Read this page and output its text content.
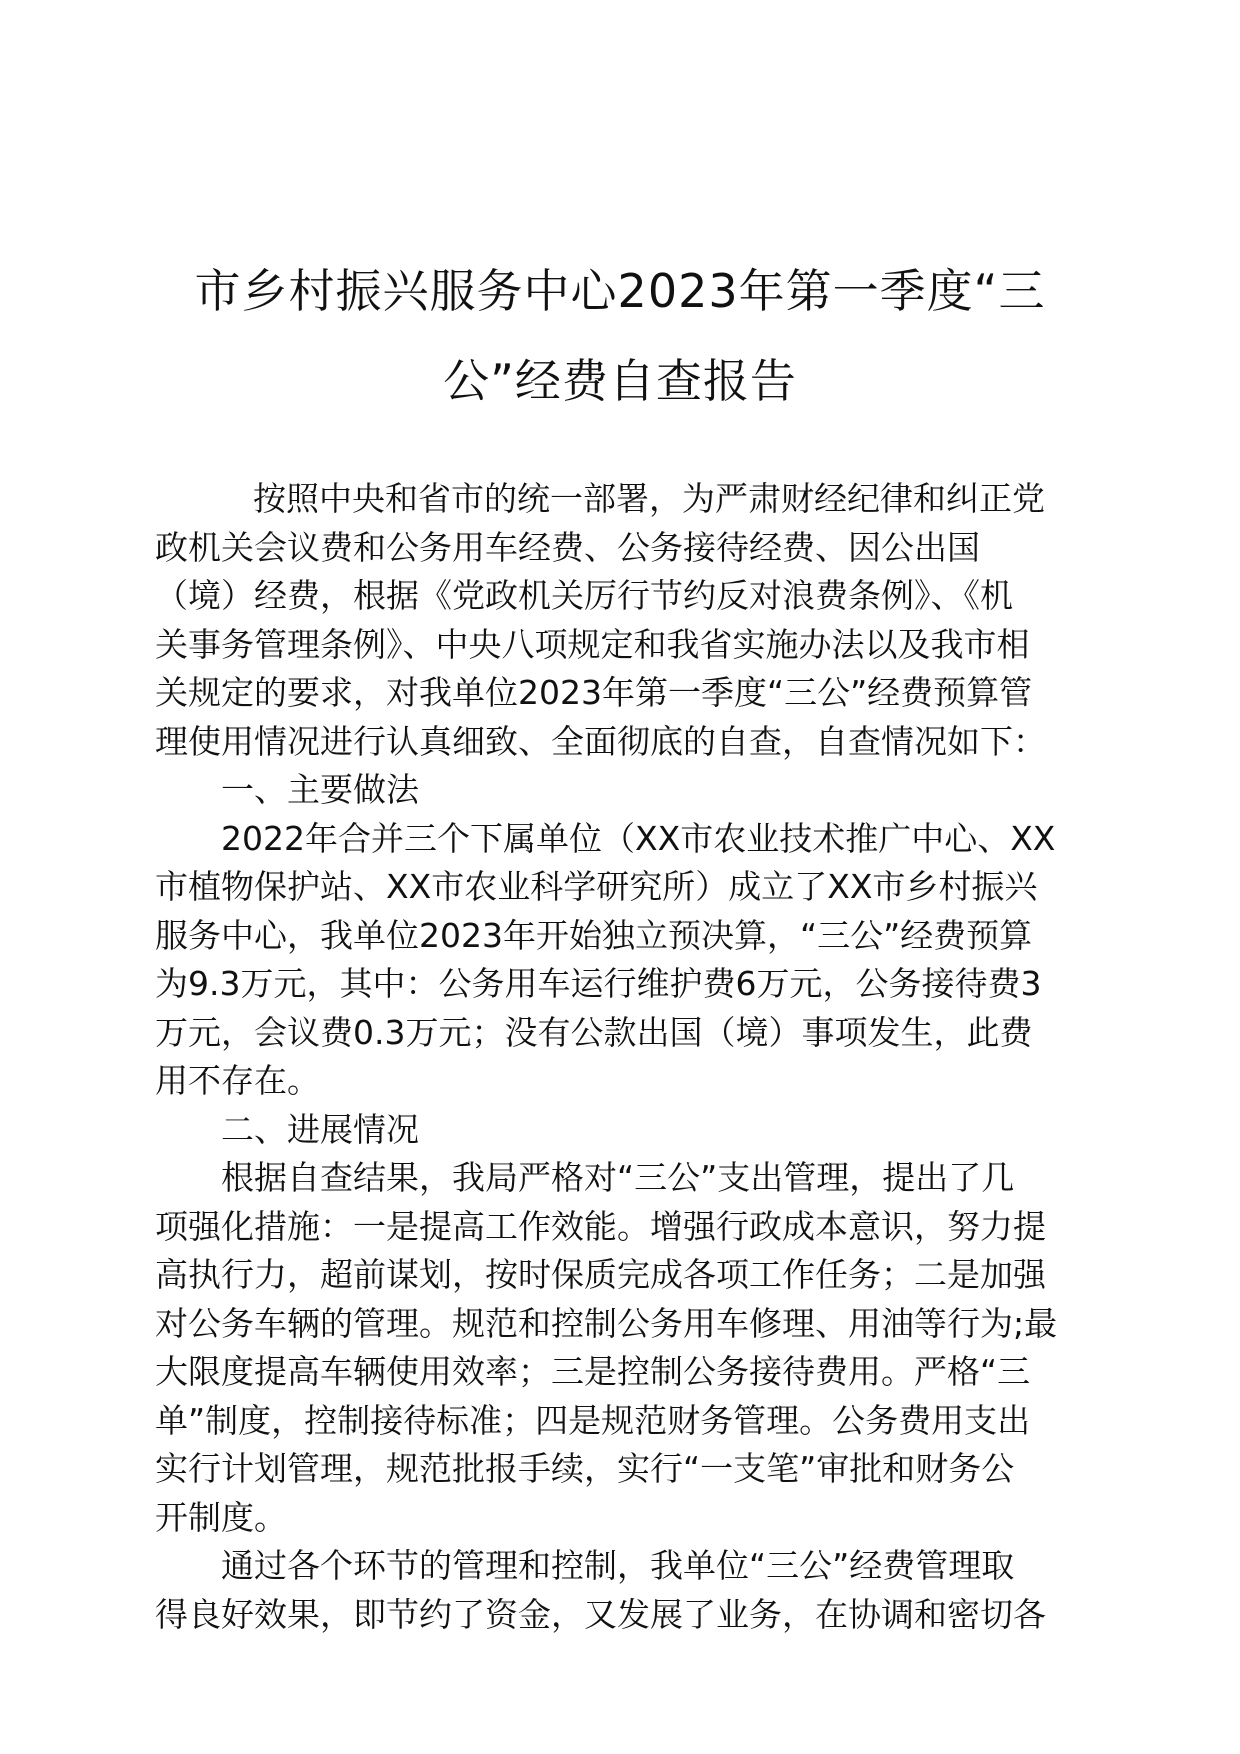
市乡村振兴服务中心2023年第一季度“三
公”经费自查报告
按照中央和省市的统一部署，为严肃财经纪律和纠正党
政机关会议费和公务用车经费、公务接待经费、因公出国
（境）经费，根据《党政机关厉行节约反对浪费条例》、《机
关事务管理条例》、中央八项规定和我省实施办法以及我市相
关规定的要求，对我单位2023年第一季度“三公”经费预算管
理使用情况进行认真细致、全面彻底的自查，自查情况如下：
一、主要做法
2022年合并三个下属单位（XX市农业技术推广中心、XX
市植物保护站、XX市农业科学研究所）成立了XX市乡村振兴
服务中心，我单位2023年开始独立预决算，“三公”经费预算
为9.3万元，其中：公务用车运行维护费6万元，公务接待费3
万元，会议费0.3万元；没有公款出国（境）事项发生，此费
用不存在。
二、进展情况
根据自查结果，我局严格对“三公”支出管理，提出了几
项强化措施：一是提高工作效能。增强行政成本意识，努力提
高执行力，超前谋划，按时保质完成各项工作任务；二是加强
对公务车辆的管理。规范和控制公务用车修理、用油等行为;最
大限度提高车辆使用效率；三是控制公务接待费用。严格“三
单”制度，控制接待标准；四是规范财务管理。公务费用支出
实行计划管理，规范批报手续，实行“一支笔”审批和财务公
开制度。
通过各个环节的管理和控制，我单位“三公”经费管理取
得良好效果，即节约了资金，又发展了业务，在协调和密切各
